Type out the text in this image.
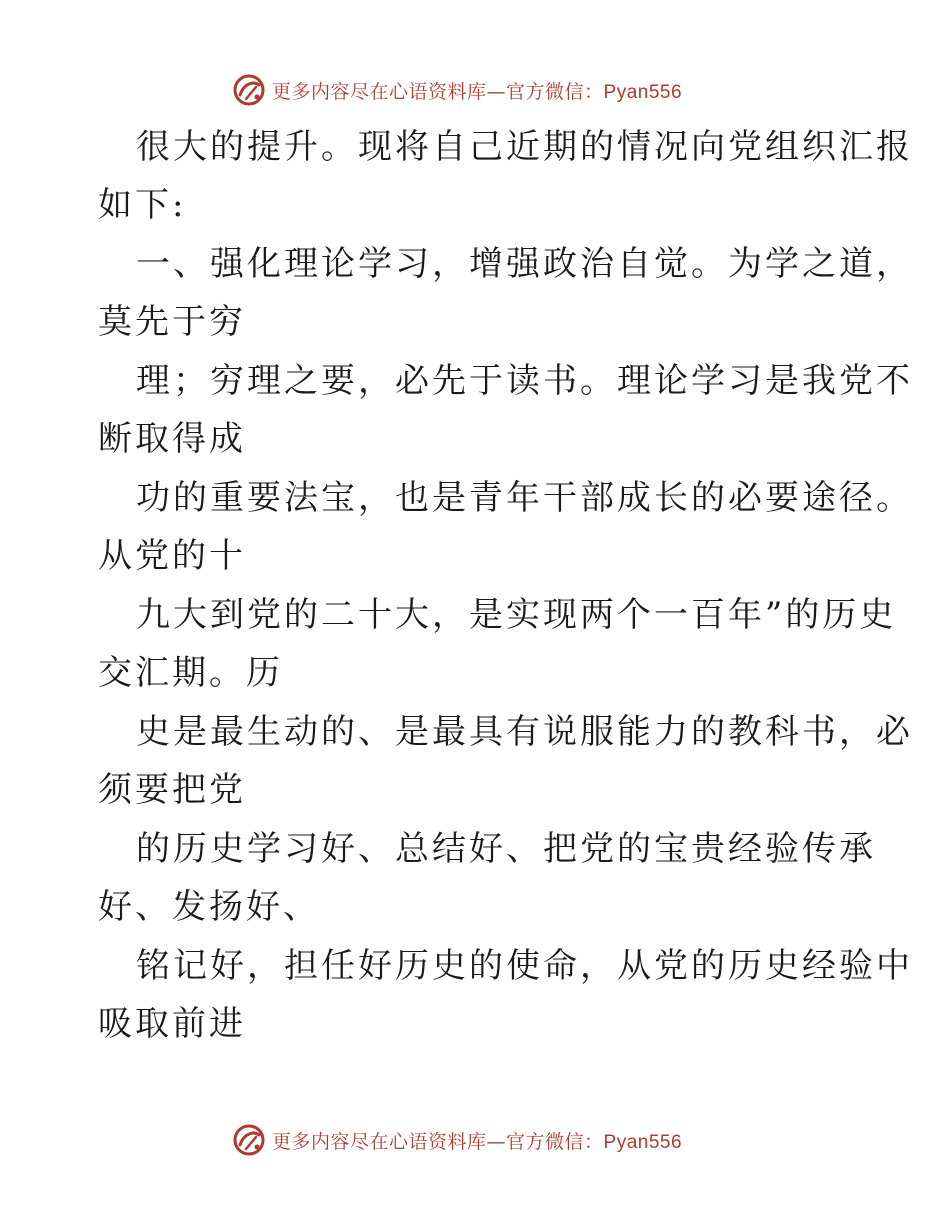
更多内容尽在心语资料库—官方微信：Pyan556
很大的提升。现将自己近期的情况向党组织汇报
如下:
一、强化理论学习，增强政治自觉。为学之道，
莫先于穷
理；穷理之要，必先于读书。理论学习是我党不
断取得成
功的重要法宝，也是青年干部成长的必要途径。
从党的十
九大到党的二十大，是实现两个一百年”的历史
交汇期。历
史是最生动的、是最具有说服能力的教科书，必
须要把党
的历史学习好、总结好、把党的宝贵经验传承
好、发扬好、
铭记好，担任好历史的使命，从党的历史经验中
吸取前进
更多内容尽在心语资料库—官方微信：Pyan556
